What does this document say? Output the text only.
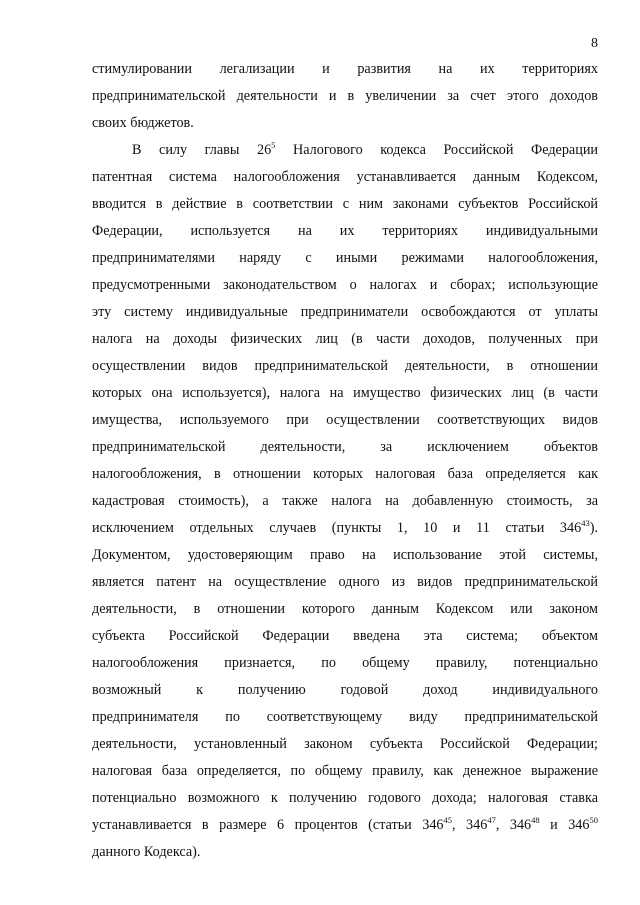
8
стимулировании легализации и развития на их территориях
предпринимательской деятельности и в увеличении за счет этого доходов
своих бюджетов.
В силу главы $26^5$ Налогового кодекса Российской Федерации
патентная система налогообложения устанавливается данным Кодексом,
вводится в действие в соответствии с ним законами субъектов Российской
Федерации, используется на их территориях индивидуальными
предпринимателями наряду с иными режимами налогообложения,
предусмотренными законодательством о налогах и сборах; использующие
эту систему индивидуальные предприниматели освобождаются от уплаты
налога на доходы физических лиц (в части доходов, полученных при
осуществлении видов предпринимательской деятельности, в отношении
которых она используется), налога на имущество физических лиц (в части
имущества, используемого при осуществлении соответствующих видов
предпринимательской деятельности, за исключением объектов
налогообложения, в отношении которых налоговая база определяется как
кадастровая стоимость), а также налога на добавленную стоимость, за
исключением отдельных случаев (пункты 1, 10 и 11 статьи $346^{43}$).
Документом, удостоверяющим право на использование этой системы,
является патент на осуществление одного из видов предпринимательской
деятельности, в отношении которого данным Кодексом или законом
субъекта Российской Федерации введена эта система; объектом
налогообложения признается, по общему правилу, потенциально
возможный к получению годовой доход индивидуального
предпринимателя по соответствующему виду предпринимательской
деятельности, установленный законом субъекта Российской Федерации;
налоговая база определяется, по общему правилу, как денежное выражение
потенциально возможного к получению годового дохода; налоговая ставка
устанавливается в размере 6 процентов (статьи $346^{45}$, $346^{47}$, $346^{48}$ и $346^{50}$
данного Кодекса).
